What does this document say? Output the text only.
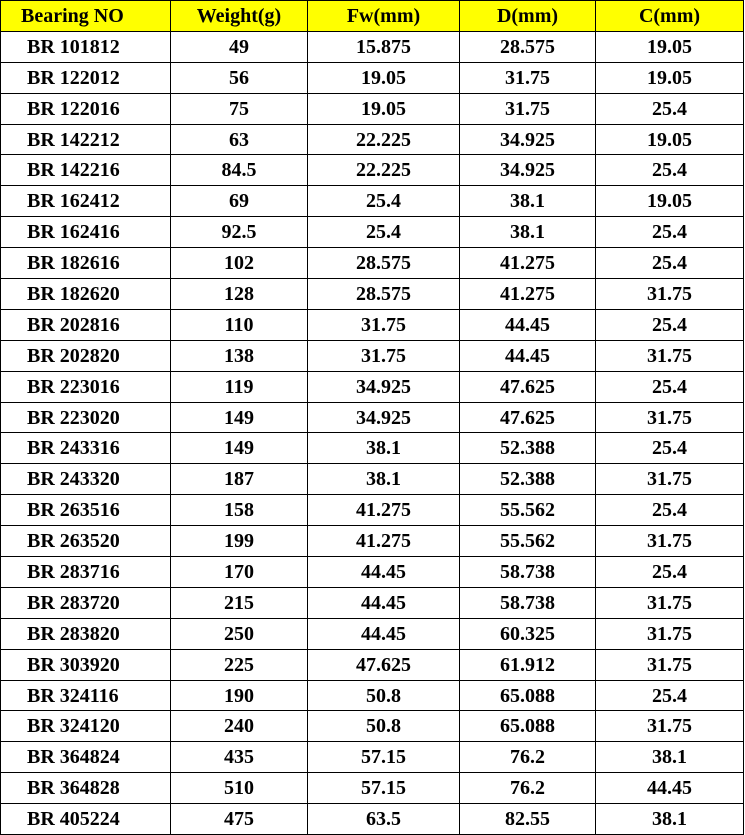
Bearing NO	Weight(g)	Fw(mm)	D(mm)	C(mm)
BR 101812	49	15.875	28.575	19.05
BR 122012	56	19.05	31.75	19.05
BR 122016	75	19.05	31.75	25.4
BR 142212	63	22.225	34.925	19.05
BR 142216	84.5	22.225	34.925	25.4
BR 162412	69	25.4	38.1	19.05
BR 162416	92.5	25.4	38.1	25.4
BR 182616	102	28.575	41.275	25.4
BR 182620	128	28.575	41.275	31.75
BR 202816	110	31.75	44.45	25.4
BR 202820	138	31.75	44.45	31.75
BR 223016	119	34.925	47.625	25.4
BR 223020	149	34.925	47.625	31.75
BR 243316	149	38.1	52.388	25.4
BR 243320	187	38.1	52.388	31.75
BR 263516	158	41.275	55.562	25.4
BR 263520	199	41.275	55.562	31.75
BR 283716	170	44.45	58.738	25.4
BR 283720	215	44.45	58.738	31.75
BR 283820	250	44.45	60.325	31.75
BR 303920	225	47.625	61.912	31.75
BR 324116	190	50.8	65.088	25.4
BR 324120	240	50.8	65.088	31.75
BR 364824	435	57.15	76.2	38.1
BR 364828	510	57.15	76.2	44.45
BR 405224	475	63.5	82.55	38.1
